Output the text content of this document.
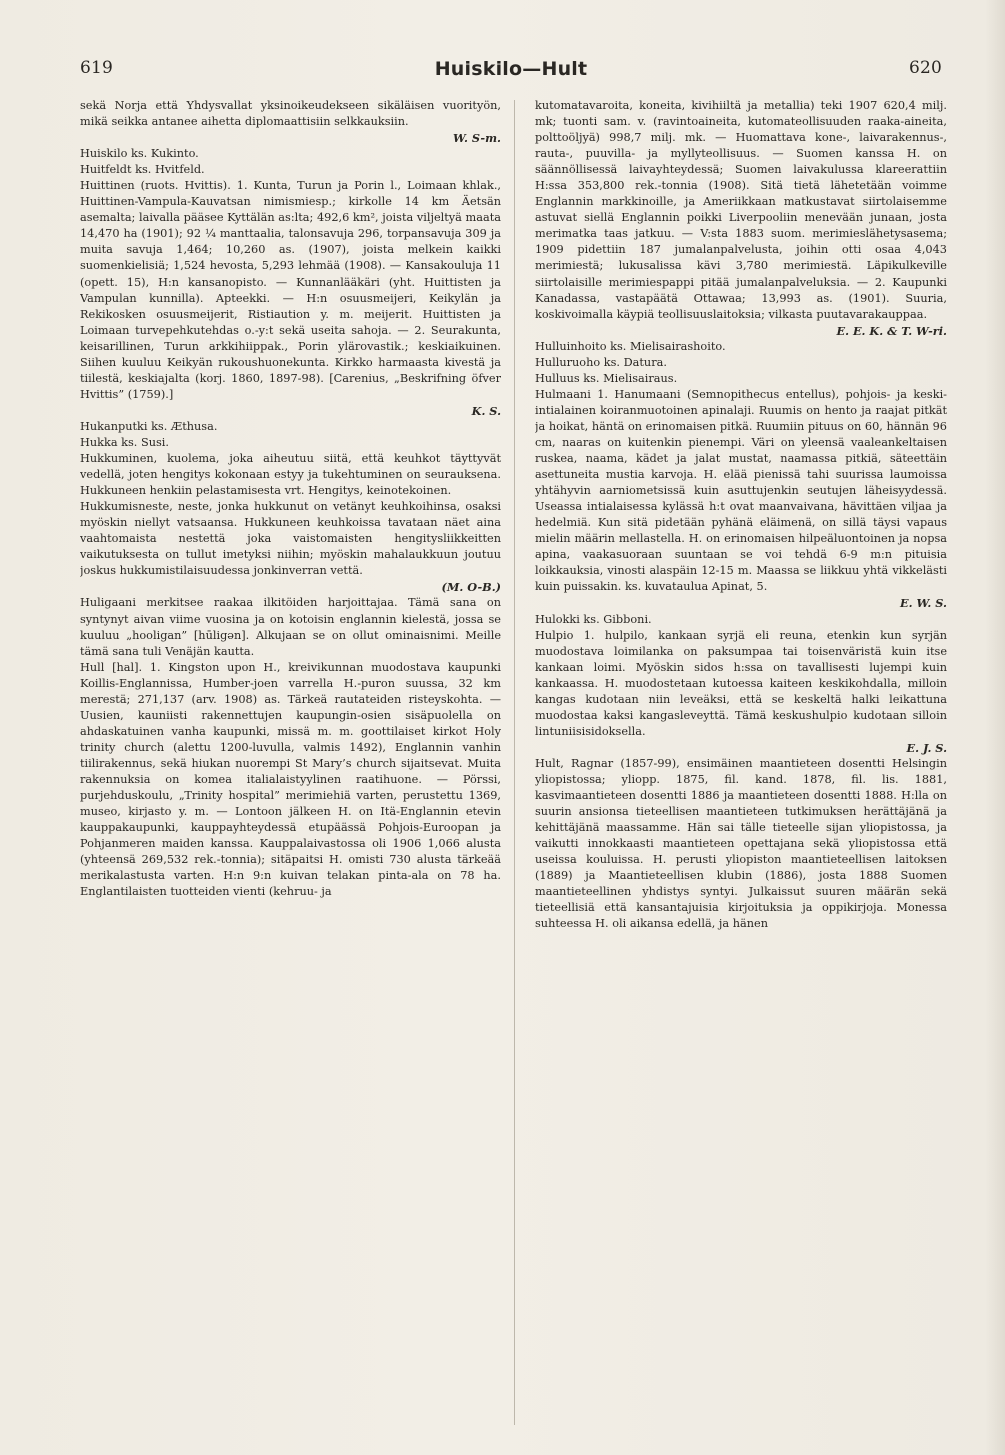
619	Huiskilo—Hult	620

sekä Norja että Yhdysvallat yksinoikeudekseen sikäläisen vuorityön, mikä seikka antanee aihetta diplomaattisiin selkkauksiin.

W. S-m.

Huiskilo ks. Kukinto.

Huitfeldt ks. Hvitfeld.

Huittinen (ruots. Hvittis). 1. Kunta, Turun ja Porin l., Loimaan khlak., Huittinen-Vampula-Kauvatsan nimismiesp.; kirkolle 14 km Äetsän asemalta; laivalla pääsee Kyttälän as:lta; 492,6 km², joista viljeltyä maata 14,470 ha (1901); 92 ¼ manttaalia, talonsavuja 296, torpansavuja 309 ja muita savuja 1,464; 10,260 as. (1907), joista melkein kaikki suomenkielisiä; 1,524 hevosta, 5,293 lehmää (1908). — Kansakouluja 11 (opett. 15), H:n kansanopisto. — Kunnanlääkäri (yht. Huittisten ja Vampulan kunnilla). Apteekki. — H:n osuusmeijeri, Keikylän ja Rekikosken osuusmeijerit, Ristiaution y. m. meijerit. Huittisten ja Loimaan turvepehkutehdas o.-y:t sekä useita sahoja. — 2. Seurakunta, keisarillinen, Turun arkkihiippak., Porin ylärovastik.; keskiaikuinen. Siihen kuuluu Keikyän rukoushuonekunta. Kirkko harmaasta kivestä ja tiilestä, keskiajalta (korj. 1860, 1897-98). [Carenius, „Beskrifning öfver Hvittis” (1759).]

K. S.

Hukanputki ks. Æthusa.

Hukka ks. Susi.

Hukkuminen, kuolema, joka aiheutuu siitä, että keuhkot täyttyvät vedellä, joten hengitys kokonaan estyy ja tukehtuminen on seurauksena. Hukkuneen henkiin pelastamisesta vrt. Hengitys, keinotekoinen.

Hukkumisneste, neste, jonka hukkunut on vetänyt keuhkoihinsa, osaksi myöskin niellyt vatsaansa. Hukkuneen keuhkoissa tavataan näet aina vaahtomaista nestettä joka vaistomaisten hengitysliikkeitten vaikutuksesta on tullut imetyksi niihin; myöskin mahalaukkuun joutuu joskus hukkumistilaisuudessa jonkinverran vettä.

(M. O-B.)

Huligaani merkitsee raakaa ilkitöiden harjoittajaa. Tämä sana on syntynyt aivan viime vuosina ja on kotoisin englannin kielestä, jossa se kuuluu „hooligan” [hūligən]. Alkujaan se on ollut ominaisnimi. Meille tämä sana tuli Venäjän kautta.

Hull [hal]. 1. Kingston upon H., kreivikunnan muodostava kaupunki Koillis-Englannissa, Humber-joen varrella H.-puron suussa, 32 km merestä; 271,137 (arv. 1908) as. Tärkeä rautateiden risteyskohta. — Uusien, kauniisti rakennettujen kaupungin-osien sisäpuolella on ahdaskatuinen vanha kaupunki, missä m. m. goottilaiset kirkot Holy trinity church (alettu 1200-luvulla, valmis 1492), Englannin vanhin tiilirakennus, sekä hiukan nuorempi St Mary’s church sijaitsevat. Muita rakennuksia on komea italialaistyylinen raatihuone. — Pörssi, purjehduskoulu, „Trinity hospital” merimiehiä varten, perustettu 1369, museo, kirjasto y. m. — Lontoon jälkeen H. on Itä-Englannin etevin kauppakaupunki, kauppayhteydessä etupäässä Pohjois-Euroopan ja Pohjanmeren maiden kanssa. Kauppalaivastossa oli 1906 1,066 alusta (yhteensä 269,532 rek.-tonnia); sitäpaitsi H. omisti 730 alusta tärkeää merikalastusta varten. H:n 9:n kuivan telakan pinta-ala on 78 ha. Englantilaisten tuotteiden vienti (kehruu- ja

kutomatavaroita, koneita, kivihiiltä ja metallia) teki 1907 620,4 milj. mk; tuonti sam. v. (ravintoaineita, kutomateollisuuden raaka-aineita, polttoöljyä) 998,7 milj. mk. — Huomattava kone-, laivarakennus-, rauta-, puuvilla- ja myllyteollisuus. — Suomen kanssa H. on säännöllisessä laivayhteydessä; Suomen laivakulussa klareerattiin H:ssa 353,800 rek.-tonnia (1908). Sitä tietä lähetetään voimme Englannin markkinoille, ja Ameriikkaan matkustavat siirtolaisemme astuvat siellä Englannin poikki Liverpooliin menevään junaan, josta merimatka taas jatkuu. — V:sta 1883 suom. merimieslähetysasema; 1909 pidettiin 187 jumalanpalvelusta, joihin otti osaa 4,043 merimiestä; lukusalissa kävi 3,780 merimiestä. Läpikulkeville siirtolaisille merimiespappi pitää jumalanpalveluksia. — 2. Kaupunki Kanadassa, vastapäätä Ottawaa; 13,993 as. (1901). Suuria, koskivoimalla käypiä teollisuuslaitoksia; vilkasta puutavarakauppaa.

E. E. K. & T. W-ri.

Hulluinhoito ks. Mielisairashoito.

Hulluruoho ks. Datura.

Hulluus ks. Mielisairaus.

Hulmaani 1. Hanumaani (Semnopithecus entellus), pohjois- ja keski-intialainen koiranmuotoinen apinalaji. Ruumis on hento ja raajat pitkät ja hoikat, häntä on erinomaisen pitkä. Ruumiin pituus on 60, hännän 96 cm, naaras on kuitenkin pienempi. Väri on yleensä vaaleankeltaisen ruskea, naama, kädet ja jalat mustat, naamassa pitkiä, säteettäin asettuneita mustia karvoja. H. elää pienissä tahi suurissa laumoissa yhtähyvin aarniometsissä kuin asuttujenkin seutujen läheisyydessä. Useassa intialaisessa kylässä h:t ovat maanvaivana, hävittäen viljaa ja hedelmiä. Kun sitä pidetään pyhänä eläimenä, on sillä täysi vapaus mielin määrin mellastella. H. on erinomaisen hilpeäluontoinen ja nopsa apina, vaakasuoraan suuntaan se voi tehdä 6-9 m:n pituisia loikkauksia, vinosti alaspäin 12-15 m. Maassa se liikkuu yhtä vikkelästi kuin puissakin. ks. kuvataulua Apinat, 5.

E. W. S.

Hulokki ks. Gibboni.

Hulpio 1. hulpilo, kankaan syrjä eli reuna, etenkin kun syrjän muodostava loimilanka on paksumpaa tai toisenväristä kuin itse kankaan loimi. Myöskin sidos h:ssa on tavallisesti lujempi kuin kankaassa. H. muodostetaan kutoessa kaiteen keskikohdalla, milloin kangas kudotaan niin leveäksi, että se keskeltä halki leikattuna muodostaa kaksi kangasleveyttä. Tämä keskushulpio kudotaan silloin lintuniisisidoksella.

E. J. S.

Hult, Ragnar (1857-99), ensimäinen maantieteen dosentti Helsingin yliopistossa; yliopp. 1875, fil. kand. 1878, fil. lis. 1881, kasvimaantieteen dosentti 1886 ja maantieteen dosentti 1888. H:lla on suurin ansionsa tieteellisen maantieteen tutkimuksen herättäjänä ja kehittäjänä maassamme. Hän sai tälle tieteelle sijan yliopistossa, ja vaikutti innokkaasti maantieteen opettajana sekä yliopistossa että useissa kouluissa. H. perusti yliopiston maantieteellisen laitoksen (1889) ja Maantieteellisen klubin (1886), josta 1888 Suomen maantieteellinen yhdistys syntyi. Julkaissut suuren määrän sekä tieteellisiä että kansantajuisia kirjoituksia ja oppikirjoja. Monessa suhteessa H. oli aikansa edellä, ja hänen
